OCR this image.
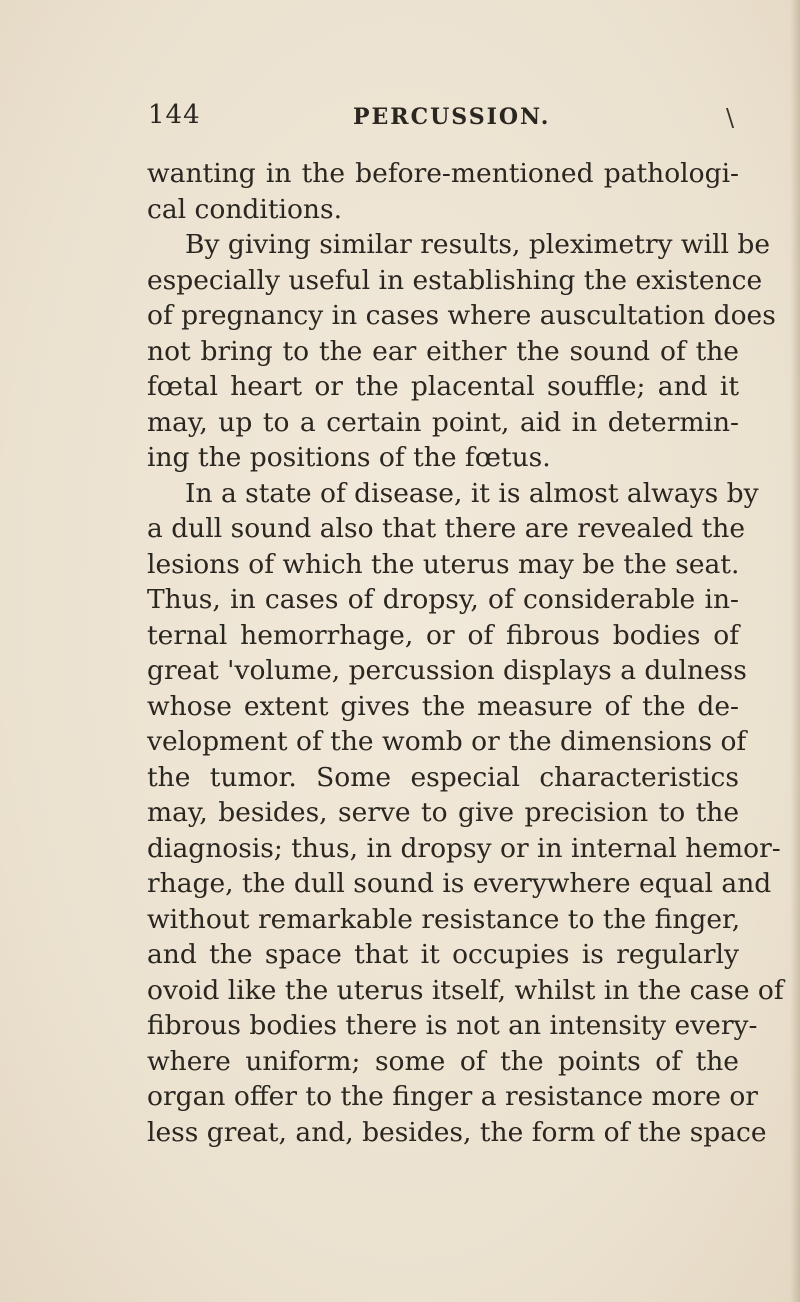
144	PERCUSSION.	\
wanting in the before-mentioned pathologi-
cal conditions.
By giving similar results, pleximetry will be
especially useful in establishing the existence
of pregnancy in cases where auscultation does
not bring to the ear either the sound of the
fœtal heart or the placental souffle; and it
may, up to a certain point, aid in determin-
ing the positions of the fœtus.
In a state of disease, it is almost always by
a dull sound also that there are revealed the
lesions of which the uterus may be the seat.
Thus, in cases of dropsy, of considerable in-
ternal hemorrhage, or of fibrous bodies of
great 'volume, percussion displays a dulness
whose extent gives the measure of the de-
velopment of the womb or the dimensions of
the tumor. Some especial characteristics
may, besides, serve to give precision to the
diagnosis; thus, in dropsy or in internal hemor-
rhage, the dull sound is everywhere equal and
without remarkable resistance to the finger,
and the space that it occupies is regularly
ovoid like the uterus itself, whilst in the case of
fibrous bodies there is not an intensity every-
where uniform; some of the points of the
organ offer to the finger a resistance more or
less great, and, besides, the form of the space
